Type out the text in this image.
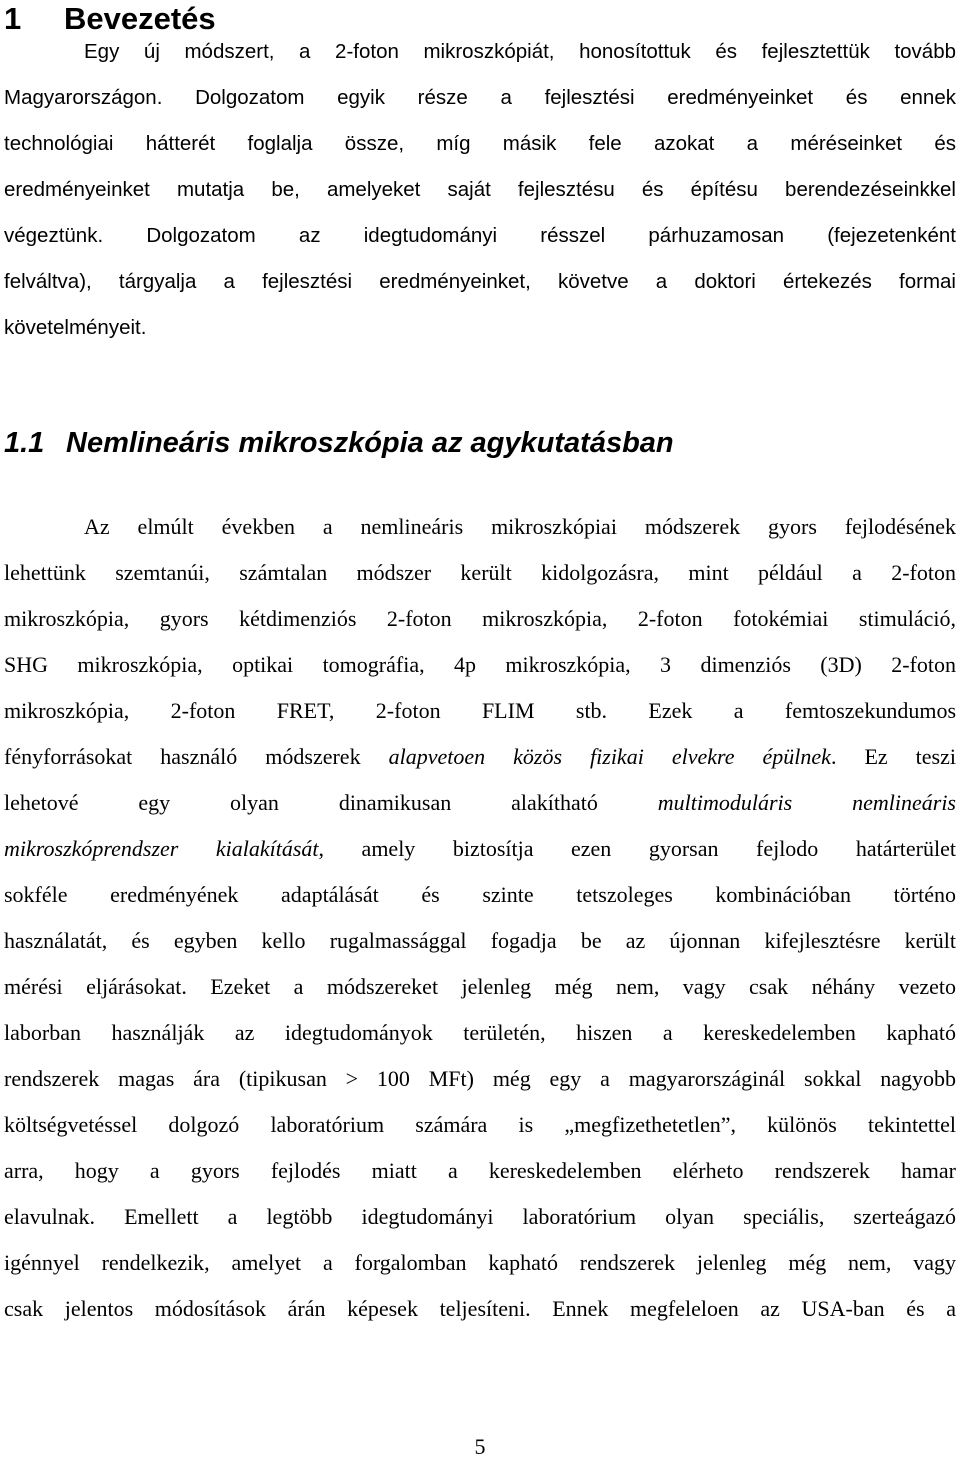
1 Bevezetés

Egy új módszert, a 2-foton mikroszkópiát, honosítottuk és fejlesztettük tovább

Magyarországon. Dolgozatom egyik része a fejlesztési eredményeinket és ennek

technológiai hátterét foglalja össze, míg másik fele azokat a méréseinket és

eredményeinket mutatja be, amelyeket saját fejlesztésu és építésu berendezéseinkkel

végeztünk. Dolgozatom az idegtudományi résszel párhuzamosan (fejezetenként

felváltva), tárgyalja a fejlesztési eredményeinket, követve a doktori értekezés formai

követelményeit.

1.1 Nemlineáris mikroszkópia az agykutatásban

Az elmúlt években a nemlineáris mikroszkópiai módszerek gyors fejlodésének

lehettünk szemtanúi, számtalan módszer került kidolgozásra, mint például a 2-foton

mikroszkópia, gyors kétdimenziós 2-foton mikroszkópia, 2-foton fotokémiai stimuláció,

SHG mikroszkópia, optikai tomográfia, 4p mikroszkópia, 3 dimenziós (3D) 2-foton

mikroszkópia, 2-foton FRET, 2-foton FLIM stb. Ezek a femtoszekundumos

fényforrásokat használó módszerek alapvetoen közös fizikai elvekre épülnek. Ez teszi

lehetové egy olyan dinamikusan alakítható	multimoduláris nemlineáris

mikroszkóprendszer kialakítását, amely biztosítja ezen gyorsan fejlodo határterület

sokféle eredményének adaptálását és szinte tetszoleges kombinációban történo

használatát, és egyben kello rugalmassággal fogadja be az újonnan kifejlesztésre került

mérési eljárásokat. Ezeket a módszereket jelenleg még nem, vagy csak néhány vezeto

laborban használják az idegtudományok területén, hiszen a kereskedelemben kapható

rendszerek magas ára (tipikusan > 100 MFt) még egy a magyarországinál sokkal nagyobb

költségvetéssel dolgozó laboratórium számára is „megfizethetetlen”, különös tekintettel

arra, hogy a gyors fejlodés miatt a kereskedelemben elérheto rendszerek hamar

elavulnak. Emellett a legtöbb idegtudományi laboratórium olyan speciális, szerteágazó

igénnyel rendelkezik, amelyet a forgalomban kapható rendszerek jelenleg még nem, vagy

csak jelentos módosítások árán képesek teljesíteni. Ennek megfeleloen az USA-ban és a

5
